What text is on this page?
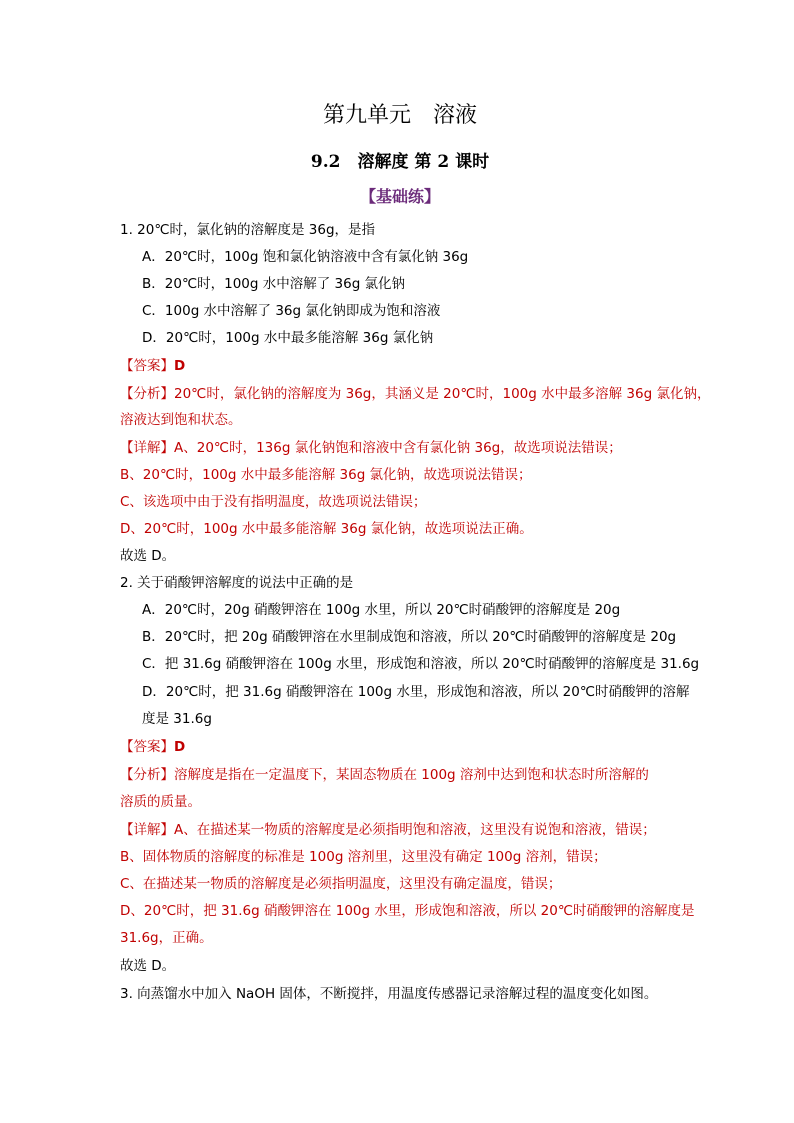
第九单元　溶液
9.2　溶解度 第 2 课时
【基础练】
1. 20℃时，氯化钠的溶解度是 36g，是指
A．20℃时，100g 饱和氯化钠溶液中含有氯化钠 36g
B．20℃时，100g 水中溶解了 36g 氯化钠
C．100g 水中溶解了 36g 氯化钠即成为饱和溶液
D．20℃时，100g 水中最多能溶解 36g 氯化钠
【答案】D
【分析】20℃时，氯化钠的溶解度为 36g，其涵义是 20℃时，100g 水中最多溶解 36g 氯化钠，
溶液达到饱和状态。
【详解】A、20℃时，136g 氯化钠饱和溶液中含有氯化钠 36g，故选项说法错误；
B、20℃时，100g 水中最多能溶解 36g 氯化钠，故选项说法错误；
C、该选项中由于没有指明温度，故选项说法错误；
D、20℃时，100g 水中最多能溶解 36g 氯化钠，故选项说法正确。
故选 D。
2. 关于硝酸钾溶解度的说法中正确的是
A．20℃时，20g 硝酸钾溶在 100g 水里，所以 20℃时硝酸钾的溶解度是 20g
B．20℃时，把 20g 硝酸钾溶在水里制成饱和溶液，所以 20℃时硝酸钾的溶解度是 20g
C．把 31.6g 硝酸钾溶在 100g 水里，形成饱和溶液，所以 20℃时硝酸钾的溶解度是 31.6g
D．20℃时，把 31.6g 硝酸钾溶在 100g 水里，形成饱和溶液，所以 20℃时硝酸钾的溶解
度是 31.6g
【答案】D
【分析】溶解度是指在一定温度下，某固态物质在 100g 溶剂中达到饱和状态时所溶解的
溶质的质量。
【详解】A、在描述某一物质的溶解度是必须指明饱和溶液，这里没有说饱和溶液，错误；
B、固体物质的溶解度的标准是 100g 溶剂里，这里没有确定 100g 溶剂，错误；
C、在描述某一物质的溶解度是必须指明温度，这里没有确定温度，错误；
D、20℃时，把 31.6g 硝酸钾溶在 100g 水里，形成饱和溶液，所以 20℃时硝酸钾的溶解度是
31.6g，正确。
故选 D。
3. 向蒸馏水中加入 NaOH 固体，不断搅拌，用温度传感器记录溶解过程的温度变化如图。
